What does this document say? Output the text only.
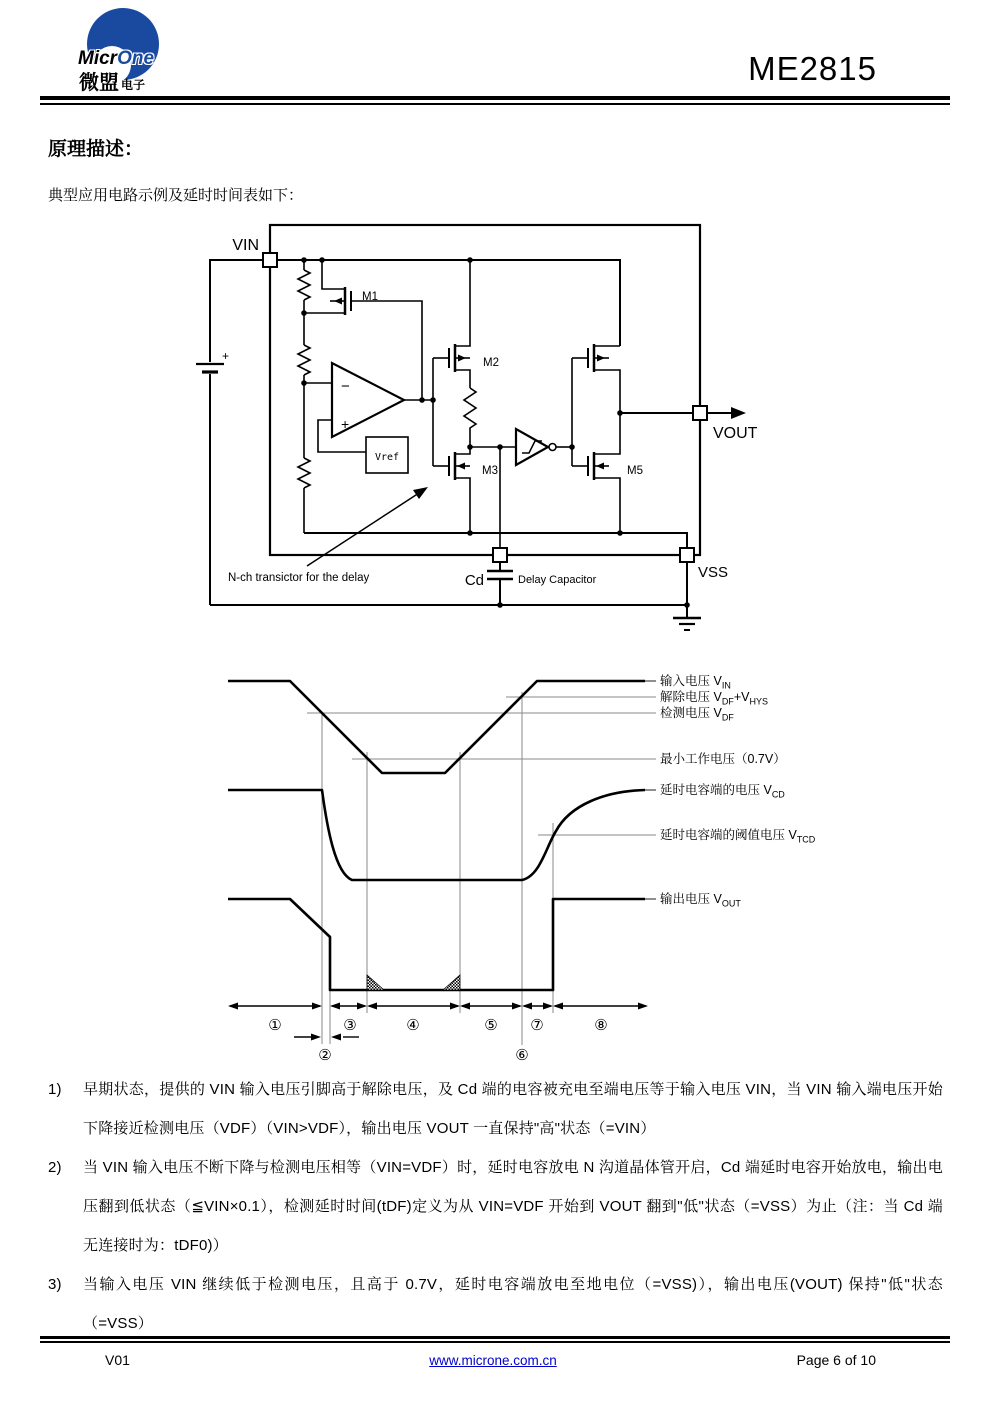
MicrOne
微盟 电子	ME2815
原理描述：
典型应用电路示例及延时时间表如下：
+
M1
−
+
Vref
M2
M3	M5
VOUT
VIN
Cd	Delay Capacitor	VSS
N-ch transictor for the delay
①	③	④	⑤ ⑦	⑧
②	⑥
输入电压 $V_{IN}$
解除电压 $V_{DF}+V_{HYS}$
检测电压 $V_{DF}$
最小工作电压（0.7V）
延时电容端的电压 $V_{CD}$
延时电容端的阈值电压 $V_{TCD}$
输出电压 $V_{OUT}$
1)	早期状态，提供的 VIN 输入电压引脚高于解除电压，及 Cd 端的电容被充电至端电压等于输入电压 VIN，当 VIN 输入端电压开始下降接近检测电压（VDF）（VIN>VDF），输出电压 VOUT 一直保持"高"状态（=VIN）
2)	当 VIN 输入电压不断下降与检测电压相等（VIN=VDF）时，延时电容放电 N 沟道晶体管开启，Cd 端延时电容开始放电，输出电压翻到低状态（≦VIN×0.1），检测延时时间(tDF)定义为从 VIN=VDF 开始到 VOUT 翻到"低"状态（=VSS）为止（注：当 Cd 端无连接时为：tDF0)）
3)	当输入电压 VIN 继续低于检测电压，且高于 0.7V，延时电容端放电至地电位（=VSS)），输出电压(VOUT) 保持"低"状态（=VSS）
V01	www.microne.com.cn	Page 6 of 10
